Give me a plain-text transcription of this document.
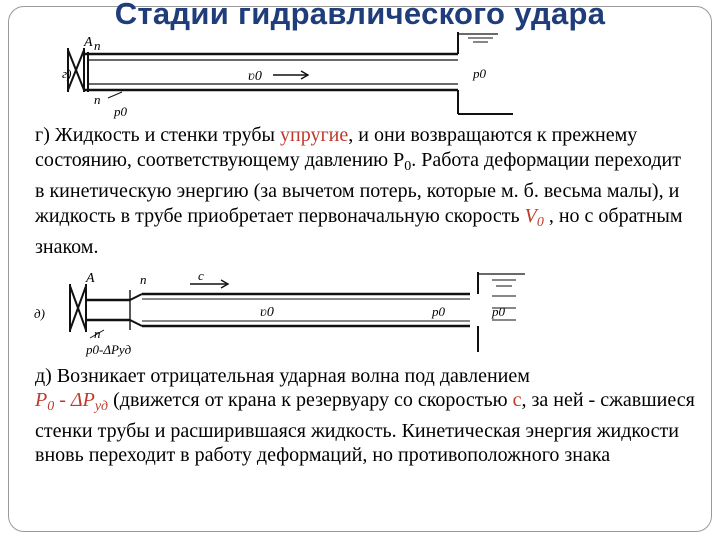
Стадии гидравлического удара
г)
A n
n
p0
ʋ0	p0

г) Жидкость и стенки трубы упругие, и они возвращаются к прежнему состоянию, соответствующему давлению $P_0$. Работа деформации переходит в кинетическую энергию (за вычетом потерь, которые м. б. весьма малы), и жидкость в трубе приобретает первоначальную скорость $V_0$ , но с обратным знаком.

д)
A	n
n
p0-ΔPуд
c
ʋ0	p0	p0

д) Возникает отрицательная ударная волна под давлением
$P_0 - \Delta P_{уд}$ (движется от крана к резервуару со скоростью с, за ней - сжавшиеся стенки трубы и расширившаяся жидкость. Кинетическая энергия жидкости вновь переходит в работу деформаций, но противоположного знака
